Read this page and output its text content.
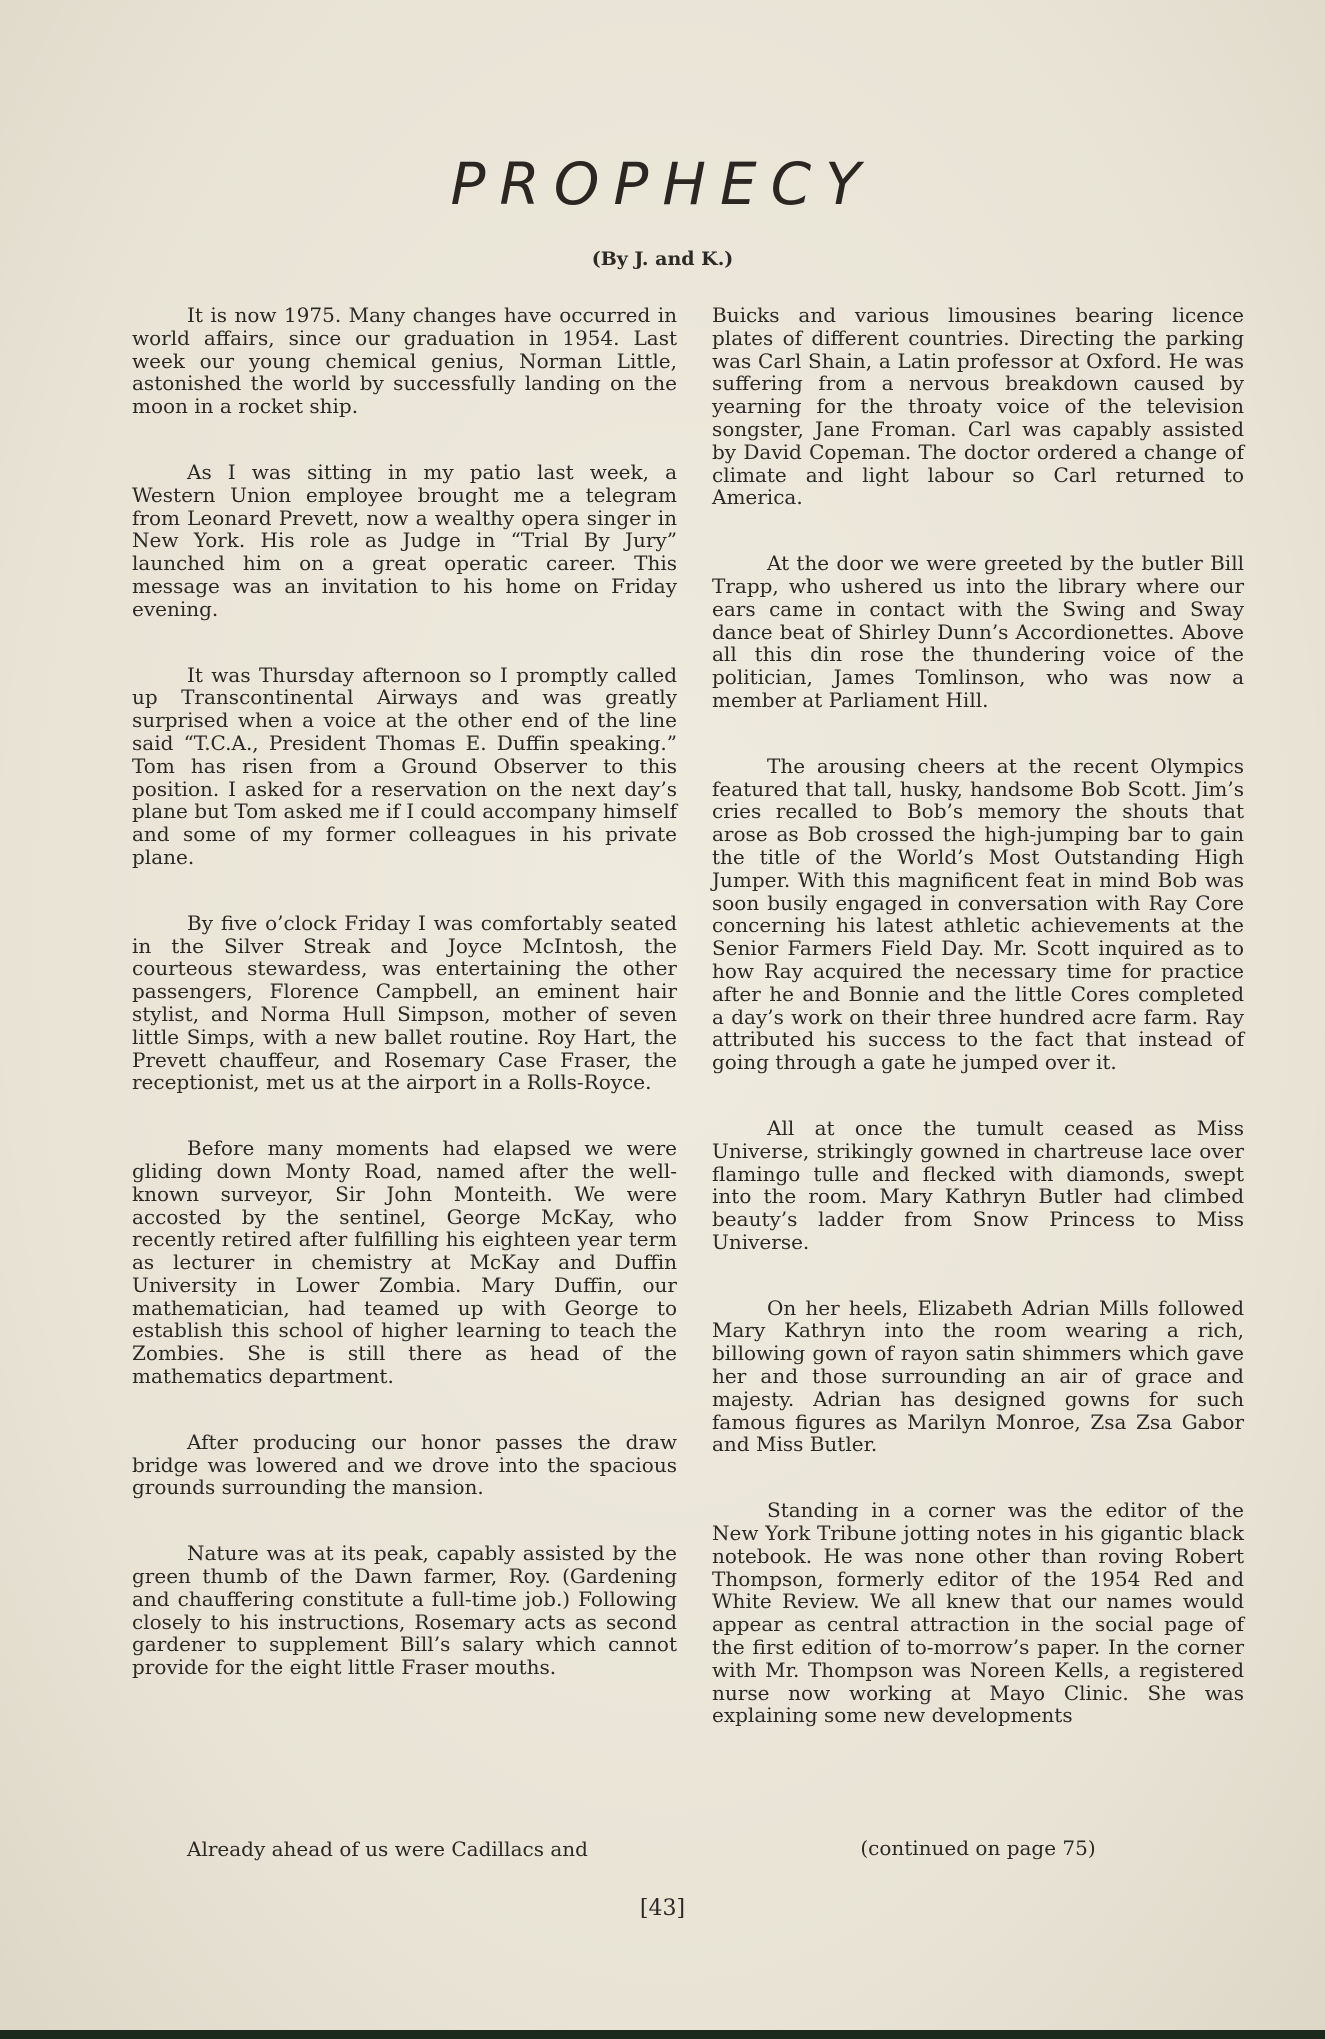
PROPHECY
(By J. and K.)

It is now 1975. Many changes have occurred in world affairs, since our graduation in 1954. Last week our young chemical genius, Norman Little, astonished the world by successfully landing on the moon in a rocket ship.

As I was sitting in my patio last week, a Western Union employee brought me a telegram from Leonard Prevett, now a wealthy opera singer in New York. His role as Judge in “Trial By Jury” launched him on a great operatic career. This message was an invitation to his home on Friday evening.

It was Thursday afternoon so I promptly called up Transcontinental Airways and was greatly surprised when a voice at the other end of the line said “T.C.A., President Thomas E. Duffin speaking.” Tom has risen from a Ground Observer to this position. I asked for a reservation on the next day’s plane but Tom asked me if I could accompany himself and some of my former colleagues in his private plane.

By five o’clock Friday I was comfortably seated in the Silver Streak and Joyce McIntosh, the courteous stewardess, was entertaining the other passengers, Florence Campbell, an eminent hair stylist, and Norma Hull Simpson, mother of seven little Simps, with a new ballet routine. Roy Hart, the Prevett chauffeur, and Rosemary Case Fraser, the receptionist, met us at the airport in a Rolls-Royce.

Before many moments had elapsed we were gliding down Monty Road, named after the well-known surveyor, Sir John Monteith. We were accosted by the sentinel, George McKay, who recently retired after fulfilling his eighteen year term as lecturer in chemistry at McKay and Duffin University in Lower Zombia. Mary Duffin, our mathematician, had teamed up with George to establish this school of higher learning to teach the Zombies. She is still there as head of the mathematics department.

After producing our honor passes the draw bridge was lowered and we drove into the spacious grounds surrounding the mansion.

Nature was at its peak, capably assisted by the green thumb of the Dawn farmer, Roy. (Gardening and chauffering constitute a full-time job.) Following closely to his instructions, Rosemary acts as second gardener to supplement Bill’s salary which cannot provide for the eight little Fraser mouths.

Already ahead of us were Cadillacs and

Buicks and various limousines bearing licence plates of different countries. Directing the parking was Carl Shain, a Latin professor at Oxford. He was suffering from a nervous breakdown caused by yearning for the throaty voice of the television songster, Jane Froman. Carl was capably assisted by David Copeman. The doctor ordered a change of climate and light labour so Carl returned to America.

At the door we were greeted by the butler Bill Trapp, who ushered us into the library where our ears came in contact with the Swing and Sway dance beat of Shirley Dunn’s Accordionettes. Above all this din rose the thundering voice of the politician, James Tomlinson, who was now a member at Parliament Hill.

The arousing cheers at the recent Olympics featured that tall, husky, handsome Bob Scott. Jim’s cries recalled to Bob’s memory the shouts that arose as Bob crossed the high-jumping bar to gain the title of the World’s Most Outstanding High Jumper. With this magnificent feat in mind Bob was soon busily engaged in conversation with Ray Core concerning his latest athletic achievements at the Senior Farmers Field Day. Mr. Scott inquired as to how Ray acquired the necessary time for practice after he and Bonnie and the little Cores completed a day’s work on their three hundred acre farm. Ray attributed his success to the fact that instead of going through a gate he jumped over it.

All at once the tumult ceased as Miss Universe, strikingly gowned in chartreuse lace over flamingo tulle and flecked with diamonds, swept into the room. Mary Kathryn Butler had climbed beauty’s ladder from Snow Princess to Miss Universe.

On her heels, Elizabeth Adrian Mills followed Mary Kathryn into the room wearing a rich, billowing gown of rayon satin shimmers which gave her and those surrounding an air of grace and majesty. Adrian has designed gowns for such famous figures as Marilyn Monroe, Zsa Zsa Gabor and Miss Butler.

Standing in a corner was the editor of the New York Tribune jotting notes in his gigantic black notebook. He was none other than roving Robert Thompson, formerly editor of the 1954 Red and White Review. We all knew that our names would appear as central attraction in the social page of the first edition of to-morrow’s paper. In the corner with Mr. Thompson was Noreen Kells, a registered nurse now working at Mayo Clinic. She was explaining some new developments

(continued on page 75)
[43]
